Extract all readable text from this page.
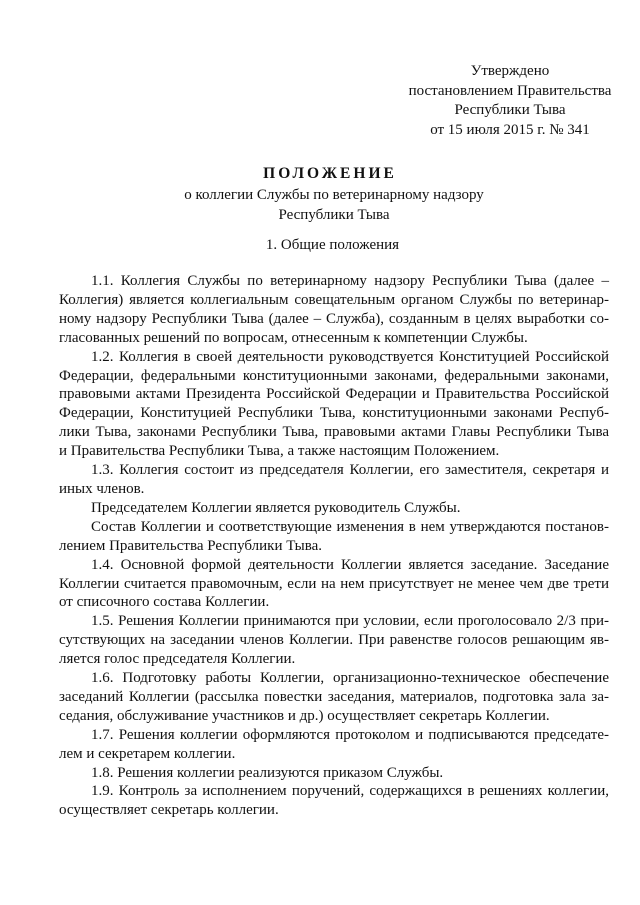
Утверждено
постановлением Правительства
Республики Тыва
от 15 июля 2015 г. № 341
ПОЛОЖЕНИЕ
о коллегии Службы по ветеринарному надзору
Республики Тыва
1. Общие положения
1.1. Коллегия Службы по ветеринарному надзору Республики Тыва (далее –
Коллегия) является коллегиальным совещательным органом Службы по ветеринар-
ному надзору Республики Тыва (далее – Служба), созданным в целях выработки со-
гласованных решений по вопросам, отнесенным к компетенции Службы.
1.2. Коллегия в своей деятельности руководствуется Конституцией Российской
Федерации, федеральными конституционными законами, федеральными законами,
правовыми актами Президента Российской Федерации и Правительства Российской
Федерации, Конституцией Республики Тыва, конституционными законами Респуб-
лики Тыва, законами Республики Тыва, правовыми актами Главы Республики Тыва
и Правительства Республики Тыва, а также настоящим Положением.
1.3. Коллегия состоит из председателя Коллегии, его заместителя, секретаря и
иных членов.
Председателем Коллегии является руководитель Службы.
Состав Коллегии и соответствующие изменения в нем утверждаются постанов-
лением Правительства Республики Тыва.
1.4. Основной формой деятельности Коллегии является заседание. Заседание
Коллегии считается правомочным, если на нем присутствует не менее чем две трети
от списочного состава Коллегии.
1.5. Решения Коллегии принимаются при условии, если проголосовало 2/3 при-
сутствующих на заседании членов Коллегии. При равенстве голосов решающим яв-
ляется голос председателя Коллегии.
1.6. Подготовку работы Коллегии, организационно-техническое обеспечение
заседаний Коллегии (рассылка повестки заседания, материалов, подготовка зала за-
седания, обслуживание участников и др.) осуществляет секретарь Коллегии.
1.7. Решения коллегии оформляются протоколом и подписываются председате-
лем и секретарем коллегии.
1.8. Решения коллегии реализуются приказом Службы.
1.9. Контроль за исполнением поручений, содержащихся в решениях коллегии,
осуществляет секретарь коллегии.
